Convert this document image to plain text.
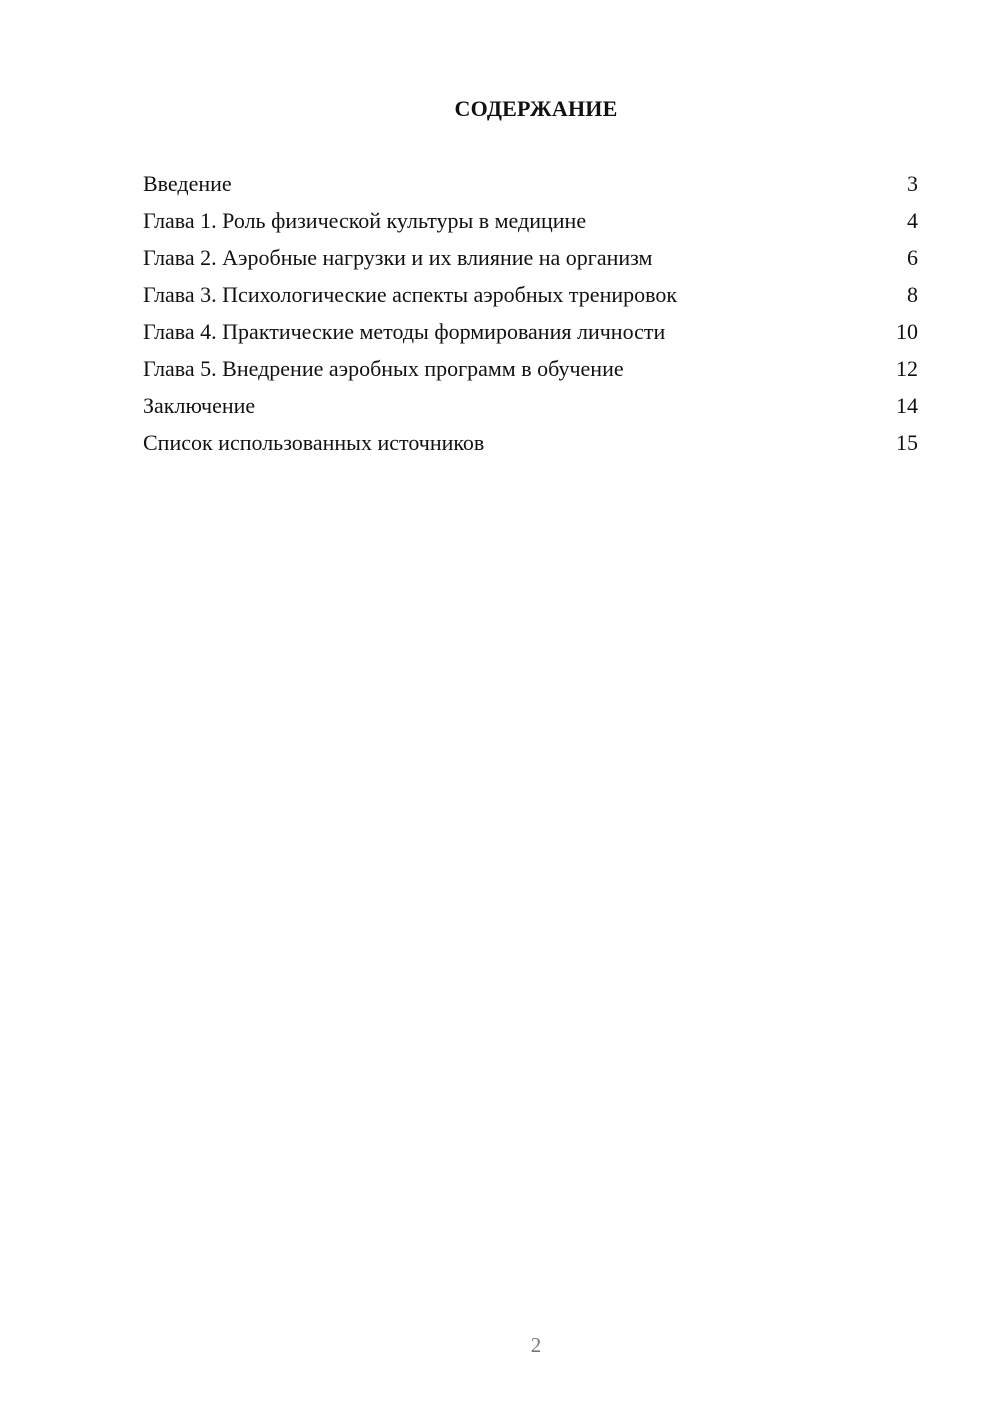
СОДЕРЖАНИЕ
Введение	3
Глава 1. Роль физической культуры в медицине	4
Глава 2. Аэробные нагрузки и их влияние на организм	6
Глава 3. Психологические аспекты аэробных тренировок	8
Глава 4. Практические методы формирования личности	10
Глава 5. Внедрение аэробных программ в обучение	12
Заключение	14
Список использованных источников	15
2
